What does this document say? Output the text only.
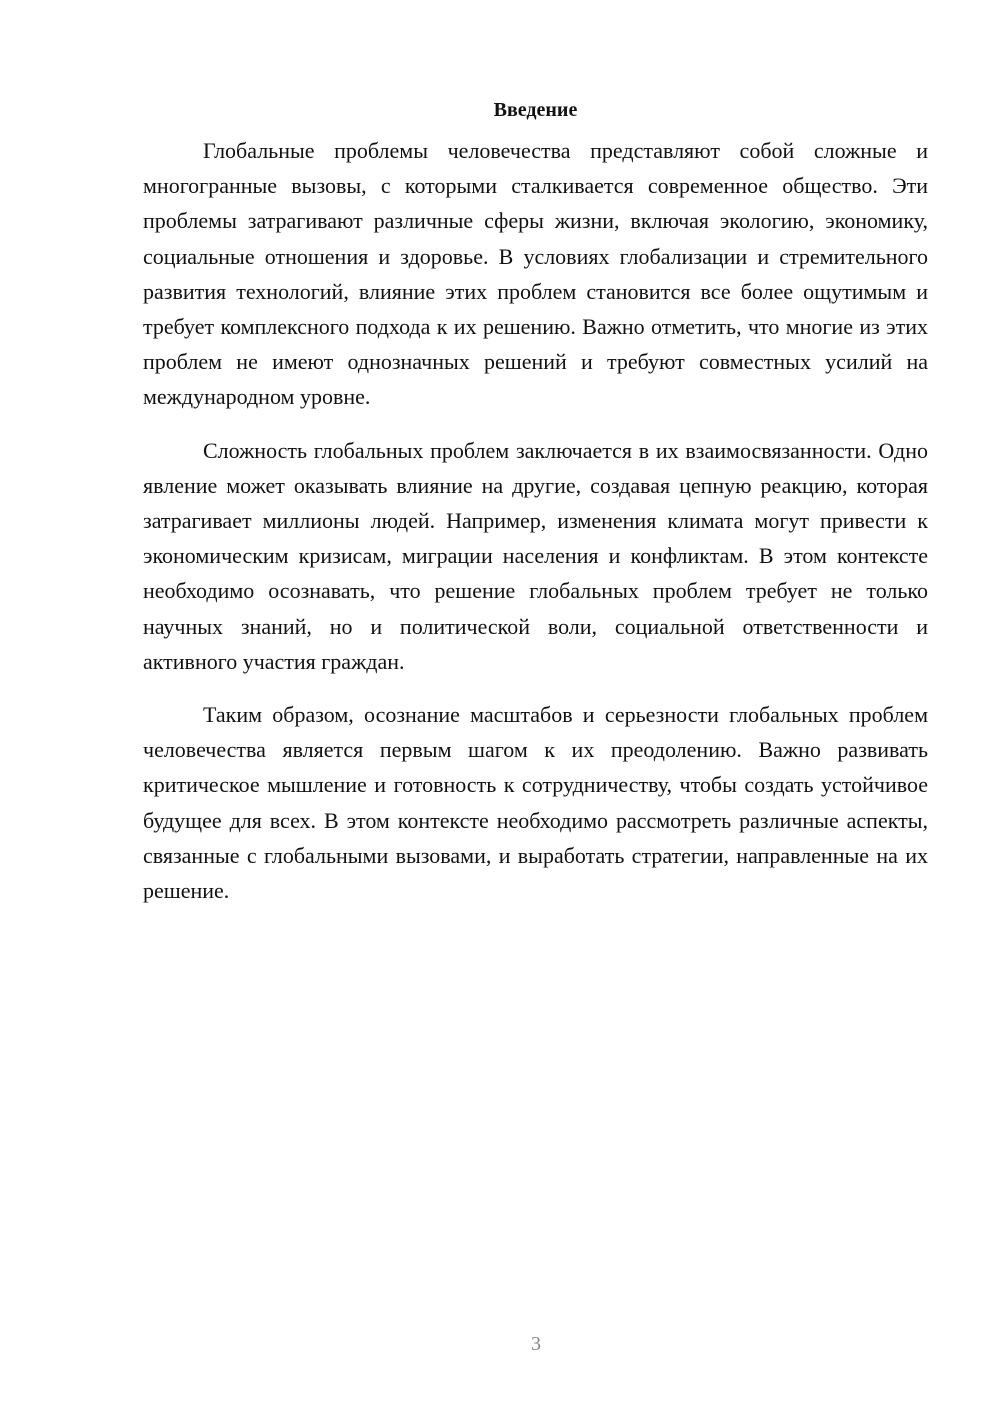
Введение

Глобальные проблемы человечества представляют собой сложные и многогранные вызовы, с которыми сталкивается современное общество. Эти проблемы затрагивают различные сферы жизни, включая экологию, экономику, социальные отношения и здоровье. В условиях глобализации и стремительного развития технологий, влияние этих проблем становится все более ощутимым и требует комплексного подхода к их решению. Важно отметить, что многие из этих проблем не имеют однозначных решений и требуют совместных усилий на международном уровне.

Сложность глобальных проблем заключается в их взаимосвязанности. Одно явление может оказывать влияние на другие, создавая цепную реакцию, которая затрагивает миллионы людей. Например, изменения климата могут привести к экономическим кризисам, миграции населения и конфликтам. В этом контексте необходимо осознавать, что решение глобальных проблем требует не только научных знаний, но и политической воли, социальной ответственности и активного участия граждан.

Таким образом, осознание масштабов и серьезности глобальных проблем человечества является первым шагом к их преодолению. Важно развивать критическое мышление и готовность к сотрудничеству, чтобы создать устойчивое будущее для всех. В этом контексте необходимо рассмотреть различные аспекты, связанные с глобальными вызовами, и выработать стратегии, направленные на их решение.

3
